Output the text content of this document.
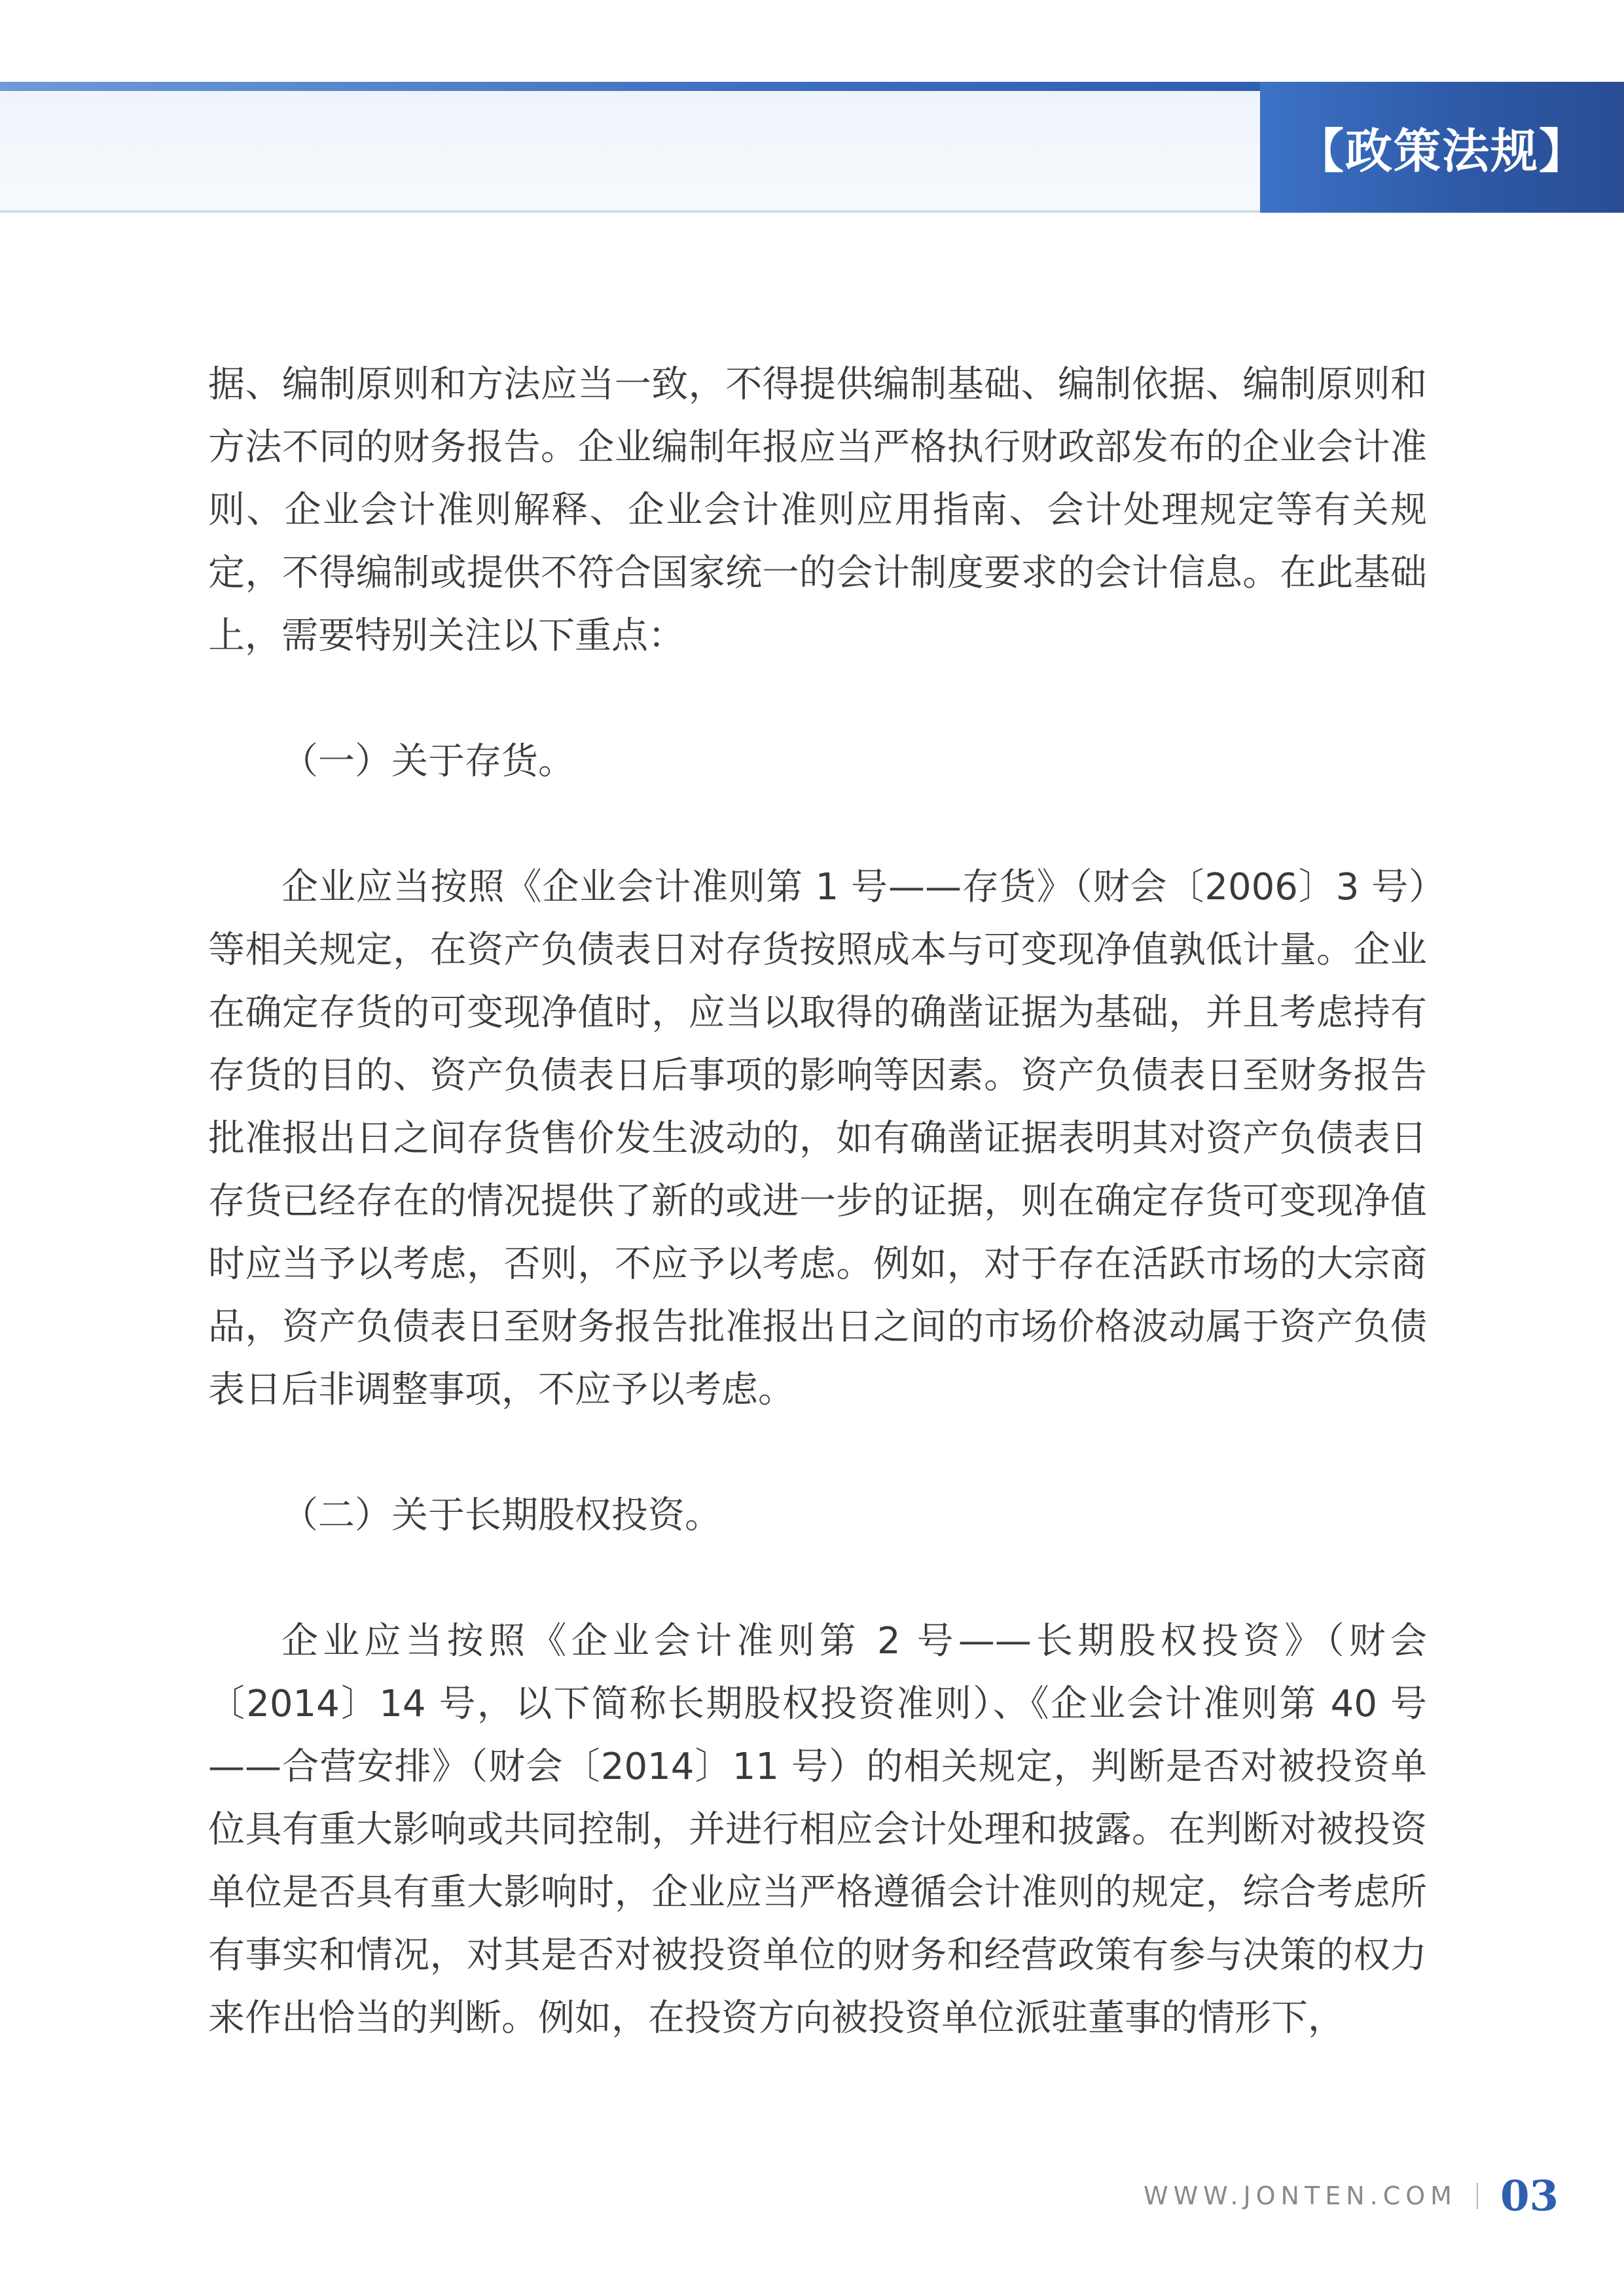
【政策法规】

据、编制原则和方法应当一致，不得提供编制基础、编制依据、编制原则和方法不同的财务报告。企业编制年报应当严格执行财政部发布的企业会计准则、企业会计准则解释、企业会计准则应用指南、会计处理规定等有关规定，不得编制或提供不符合国家统一的会计制度要求的会计信息。在此基础上，需要特别关注以下重点：

（一）关于存货。

企业应当按照《企业会计准则第 1 号——存货》（财会〔2006〕3 号）等相关规定，在资产负债表日对存货按照成本与可变现净值孰低计量。企业在确定存货的可变现净值时，应当以取得的确凿证据为基础，并且考虑持有存货的目的、资产负债表日后事项的影响等因素。资产负债表日至财务报告批准报出日之间存货售价发生波动的，如有确凿证据表明其对资产负债表日存货已经存在的情况提供了新的或进一步的证据，则在确定存货可变现净值时应当予以考虑，否则，不应予以考虑。例如，对于存在活跃市场的大宗商品，资产负债表日至财务报告批准报出日之间的市场价格波动属于资产负债表日后非调整事项，不应予以考虑。

（二）关于长期股权投资。

企业应当按照《企业会计准则第 2 号——长期股权投资》（财会〔2014〕14 号，以下简称长期股权投资准则）、《企业会计准则第 40 号——合营安排》（财会〔2014〕11 号）的相关规定，判断是否对被投资单位具有重大影响或共同控制，并进行相应会计处理和披露。在判断对被投资单位是否具有重大影响时，企业应当严格遵循会计准则的规定，综合考虑所有事实和情况，对其是否对被投资单位的财务和经营政策有参与决策的权力来作出恰当的判断。例如，在投资方向被投资单位派驻董事的情形下，

WWW.JONTEN.COM 03
